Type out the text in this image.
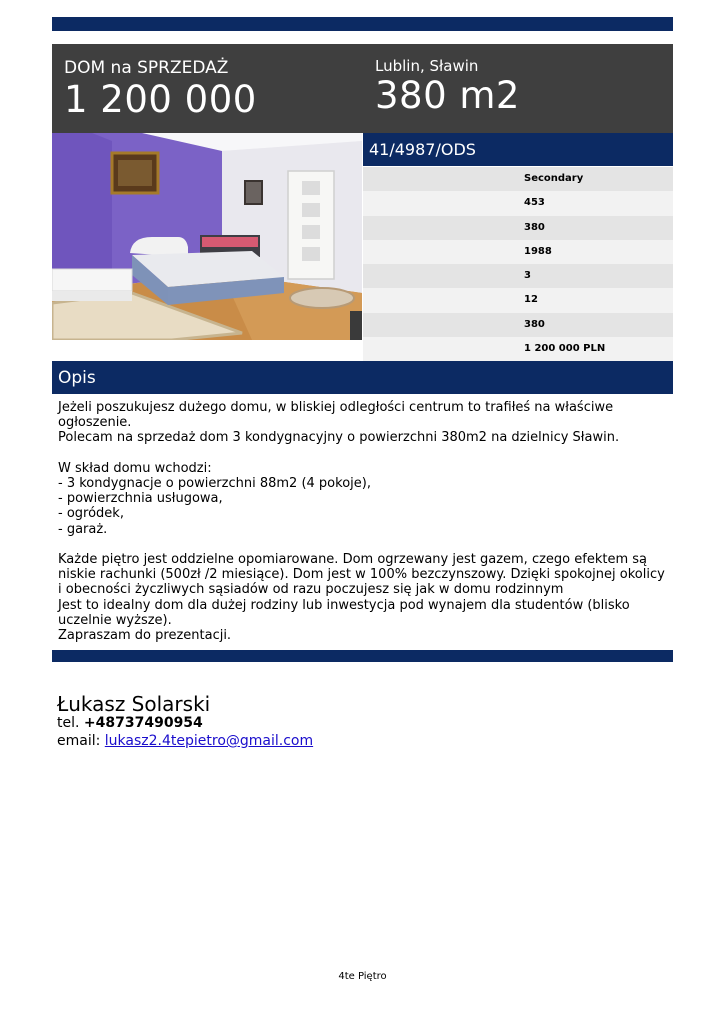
DOM na SPRZEDAŻ
1 200 000
Lublin, Sławin
380 m2
41/4987/ODS
Secondary
453
380
1988
3
12
380
1 200 000 PLN
Opis
Jeżeli poszukujesz dużego domu, w bliskiej odległości centrum to trafiłeś na właściwe ogłoszenie.
Polecam na sprzedaż dom 3 kondygnacyjny o powierzchni 380m2 na dzielnicy Sławin.

W skład domu wchodzi:
- 3 kondygnacje o powierzchni 88m2 (4 pokoje),
- powierzchnia usługowa,
- ogródek,
- garaż.

Każde piętro jest oddzielne opomiarowane. Dom ogrzewany jest gazem, czego efektem są niskie rachunki (500zł /2 miesiące). Dom jest w 100% bezczynszowy. Dzięki spokojnej okolicy i obecności życzliwych sąsiadów od razu poczujesz się jak w domu rodzinnym
Jest to idealny dom dla dużej rodziny lub inwestycja pod wynajem dla studentów (blisko uczelnie wyższe).
Zapraszam do prezentacji.
Łukasz Solarski
tel. +48737490954
email: lukasz2.4tepietro@gmail.com
4te Piętro
